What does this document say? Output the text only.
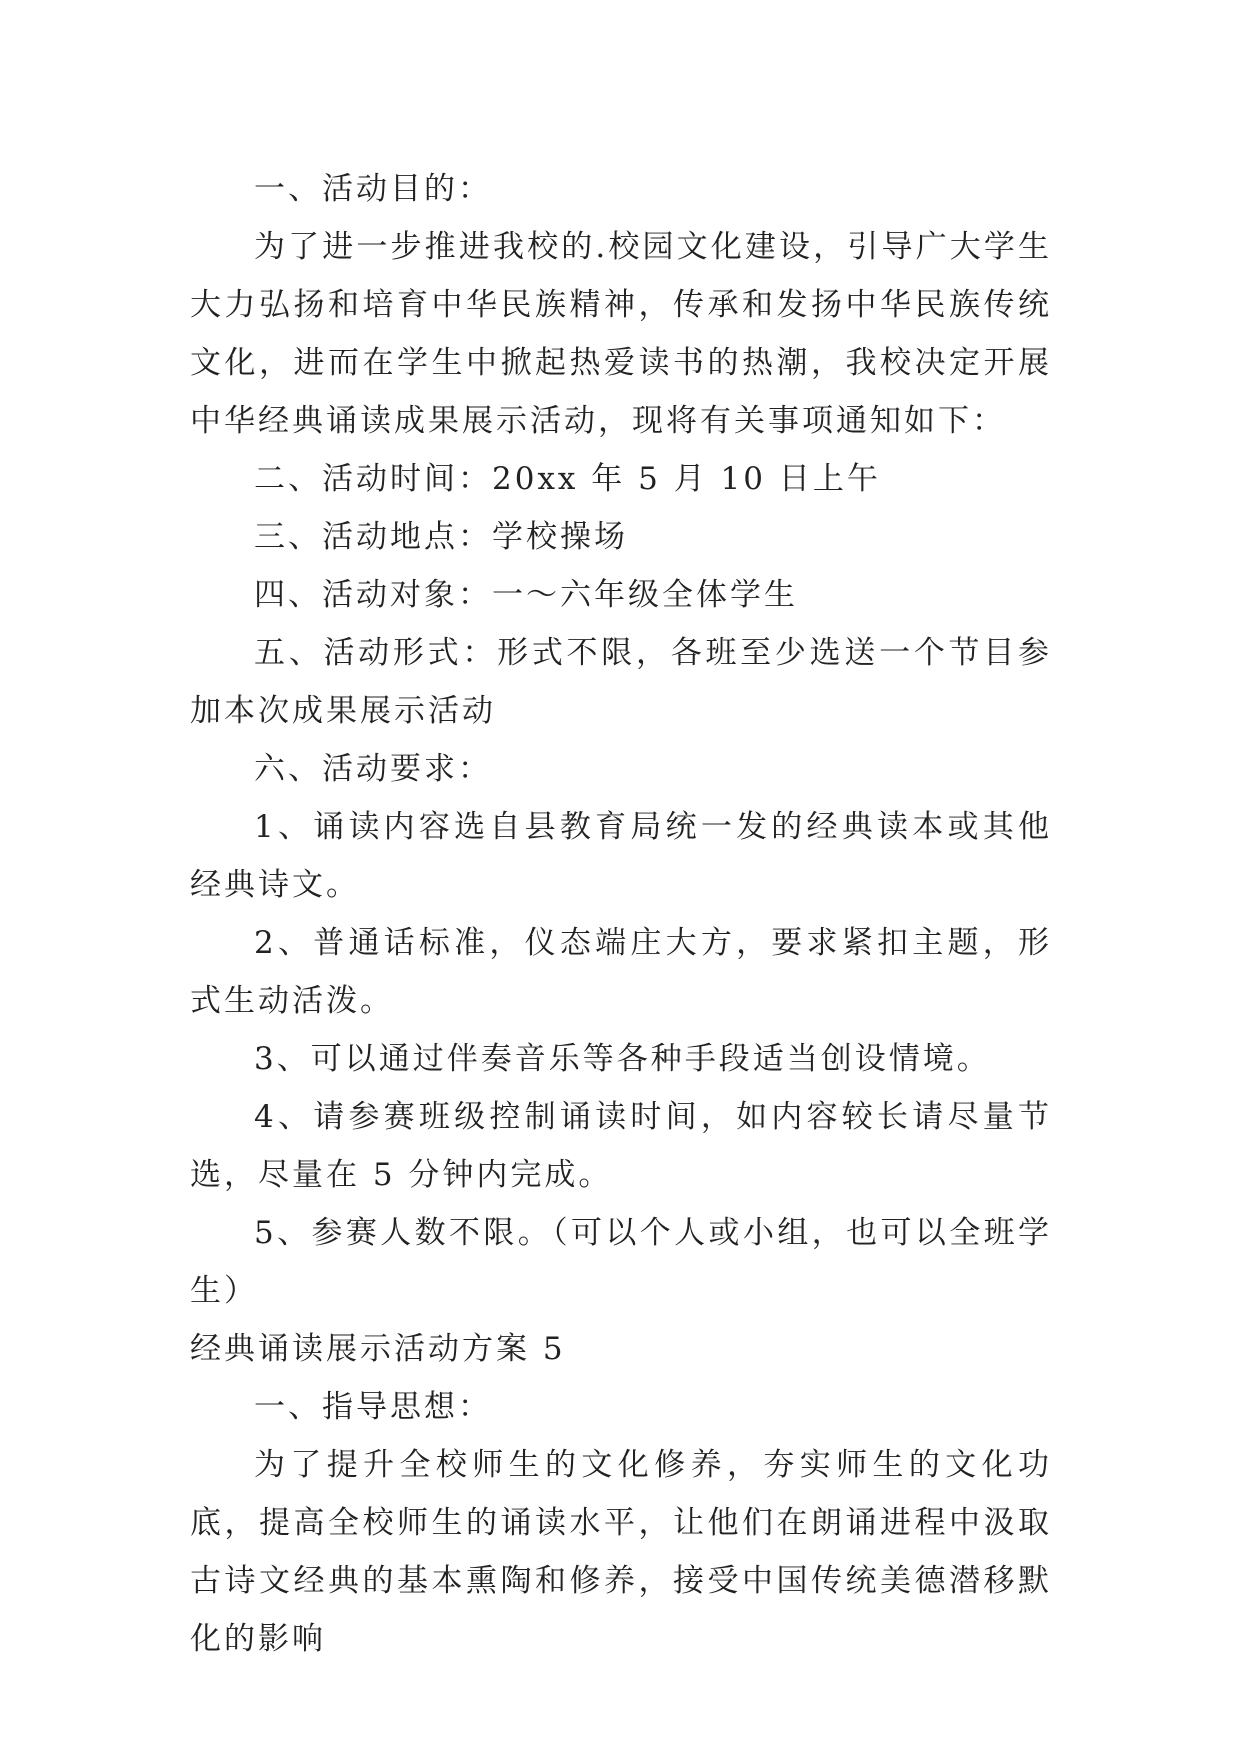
一、活动目的：

为了进一步推进我校的.校园文化建设，引导广大学生大力弘扬和培育中华民族精神，传承和发扬中华民族传统文化，进而在学生中掀起热爱读书的热潮，我校决定开展中华经典诵读成果展示活动，现将有关事项通知如下：

二、活动时间：20xx 年 5 月 10 日上午

三、活动地点：学校操场

四、活动对象：一～六年级全体学生

五、活动形式：形式不限，各班至少选送一个节目参加本次成果展示活动

六、活动要求：

1、诵读内容选自县教育局统一发的经典读本或其他经典诗文。

2、普通话标准，仪态端庄大方，要求紧扣主题，形式生动活泼。

3、可以通过伴奏音乐等各种手段适当创设情境。

4、请参赛班级控制诵读时间，如内容较长请尽量节选，尽量在 5 分钟内完成。

5、参赛人数不限。（可以个人或小组，也可以全班学生）

经典诵读展示活动方案 5

一、指导思想：

为了提升全校师生的文化修养，夯实师生的文化功底，提高全校师生的诵读水平，让他们在朗诵进程中汲取古诗文经典的基本熏陶和修养，接受中国传统美德潜移默化的影响
